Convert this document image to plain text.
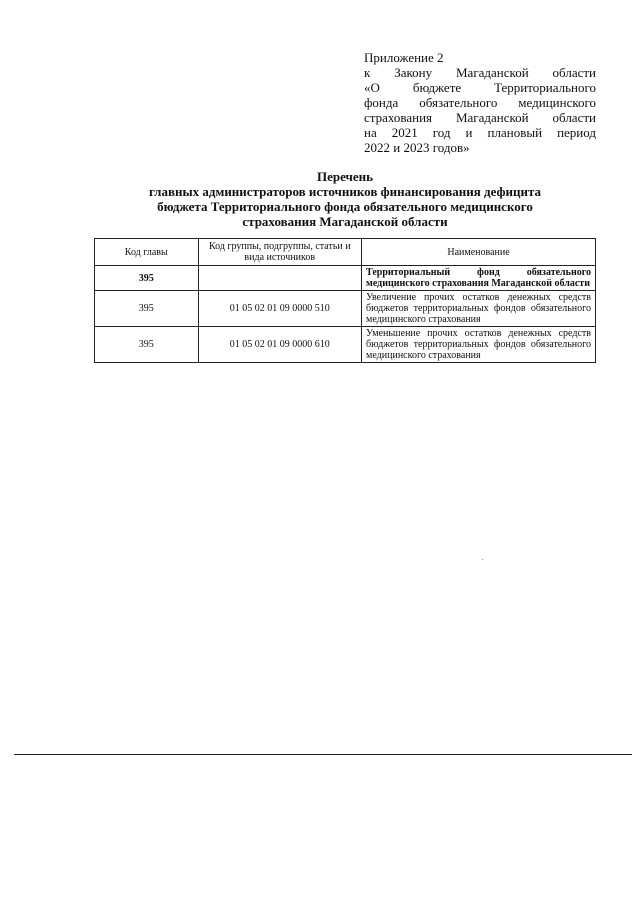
Приложение 2
к Закону Магаданской области
«О бюджете Территориального
фонда обязательного медицинского
страхования Магаданской области
на 2021 год и плановый период
2022 и 2023 годов»
Перечень
главных администраторов источников финансирования дефицита
бюджета Территориального фонда обязательного медицинского
страхования Магаданской области
Код главы	Код группы, подгруппы, статьи и вида источников	Наименование
395		Территориальный фонд обязательного медицинского страхования Магаданской области
395	01 05 02 01 09 0000 510	Увеличение прочих остатков денежных средств бюджетов территориальных фондов обязательного медицинского страхования
395	01 05 02 01 09 0000 610	Уменьшение прочих остатков денежных средств бюджетов территориальных фондов обязательного медицинского страхования
